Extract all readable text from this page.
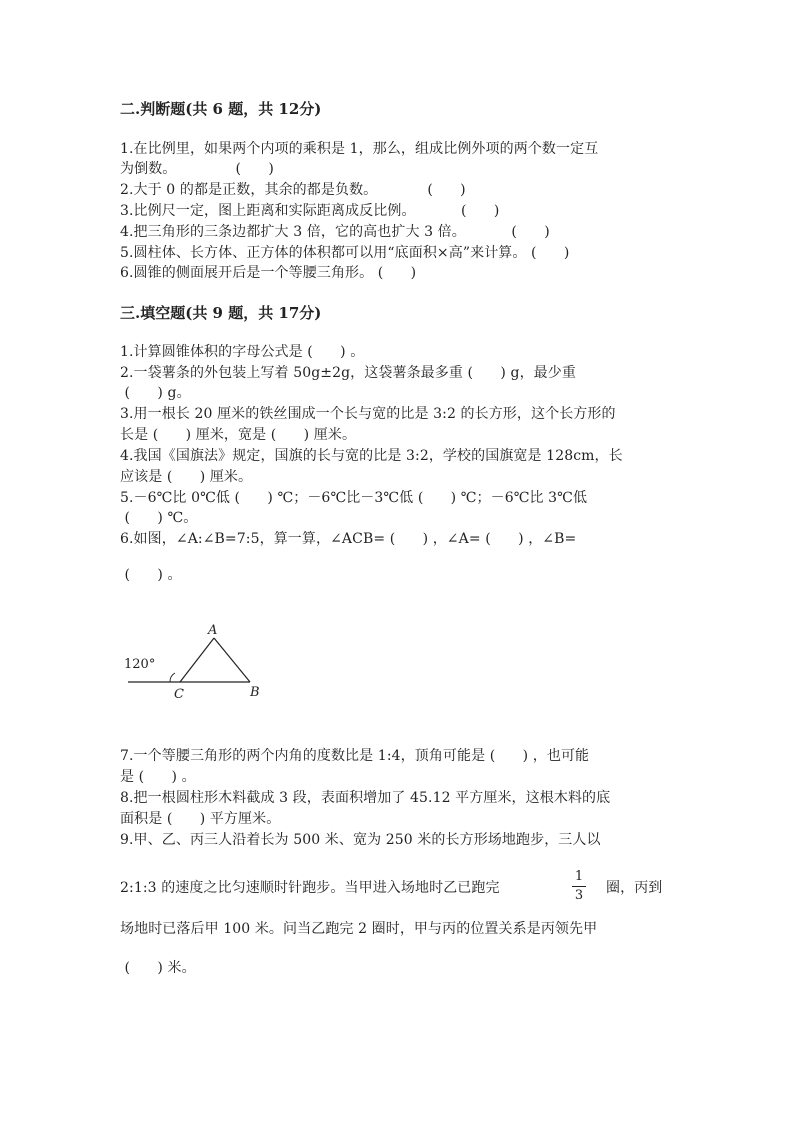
二.判断题(共 6 题，共 12分)
1.在比例里，如果两个内项的乘积是 1，那么，组成比例外项的两个数一定互
为倒数。             (      )
2.大于 0 的都是正数，其余的都是负数。           (      )
3.比例尺一定，图上距离和实际距离成反比例。          (      )
4.把三角形的三条边都扩大 3 倍，它的高也扩大 3 倍。          (      )
5.圆柱体、长方体、正方体的体积都可以用“底面积×高”来计算。 (      )
6.圆锥的侧面展开后是一个等腰三角形。 (      )
三.填空题(共 9 题，共 17分)
1.计算圆锥体积的字母公式是 (      ) 。
2.一袋薯条的外包装上写着 50g±2g，这袋薯条最多重 (      ) g，最少重
(      ) g。
3.用一根长 20 厘米的铁丝围成一个长与宽的比是 3:2 的长方形，这个长方形的
长是 (      ) 厘米，宽是 (      ) 厘米。
4.我国《国旗法》规定，国旗的长与宽的比是 3:2，学校的国旗宽是 128cm，长
应该是 (      ) 厘米。
5.－6℃比 0℃低 (      ) ℃；－6℃比－3℃低 (      ) ℃；－6℃比 3℃低
(      ) ℃。
6.如图，∠A:∠B=7:5，算一算，∠ACB= (      ) ，∠A= (      ) ，∠B=
(      ) 。
120°
A
B
C
7.一个等腰三角形的两个内角的度数比是 1:4，顶角可能是 (      ) ，也可能
是 (      ) 。
8.把一根圆柱形木料截成 3 段，表面积增加了 45.12 平方厘米，这根木料的底
面积是 (      ) 平方厘米。
9.甲、乙、丙三人沿着长为 500 米、宽为 250 米的长方形场地跑步，三人以
2:1:3 的速度之比匀速顺时针跑步。当甲进入场地时乙已跑完
1
3 圈，丙到
场地时已落后甲 100 米。问当乙跑完 2 圈时，甲与丙的位置关系是丙领先甲
(      ) 米。
